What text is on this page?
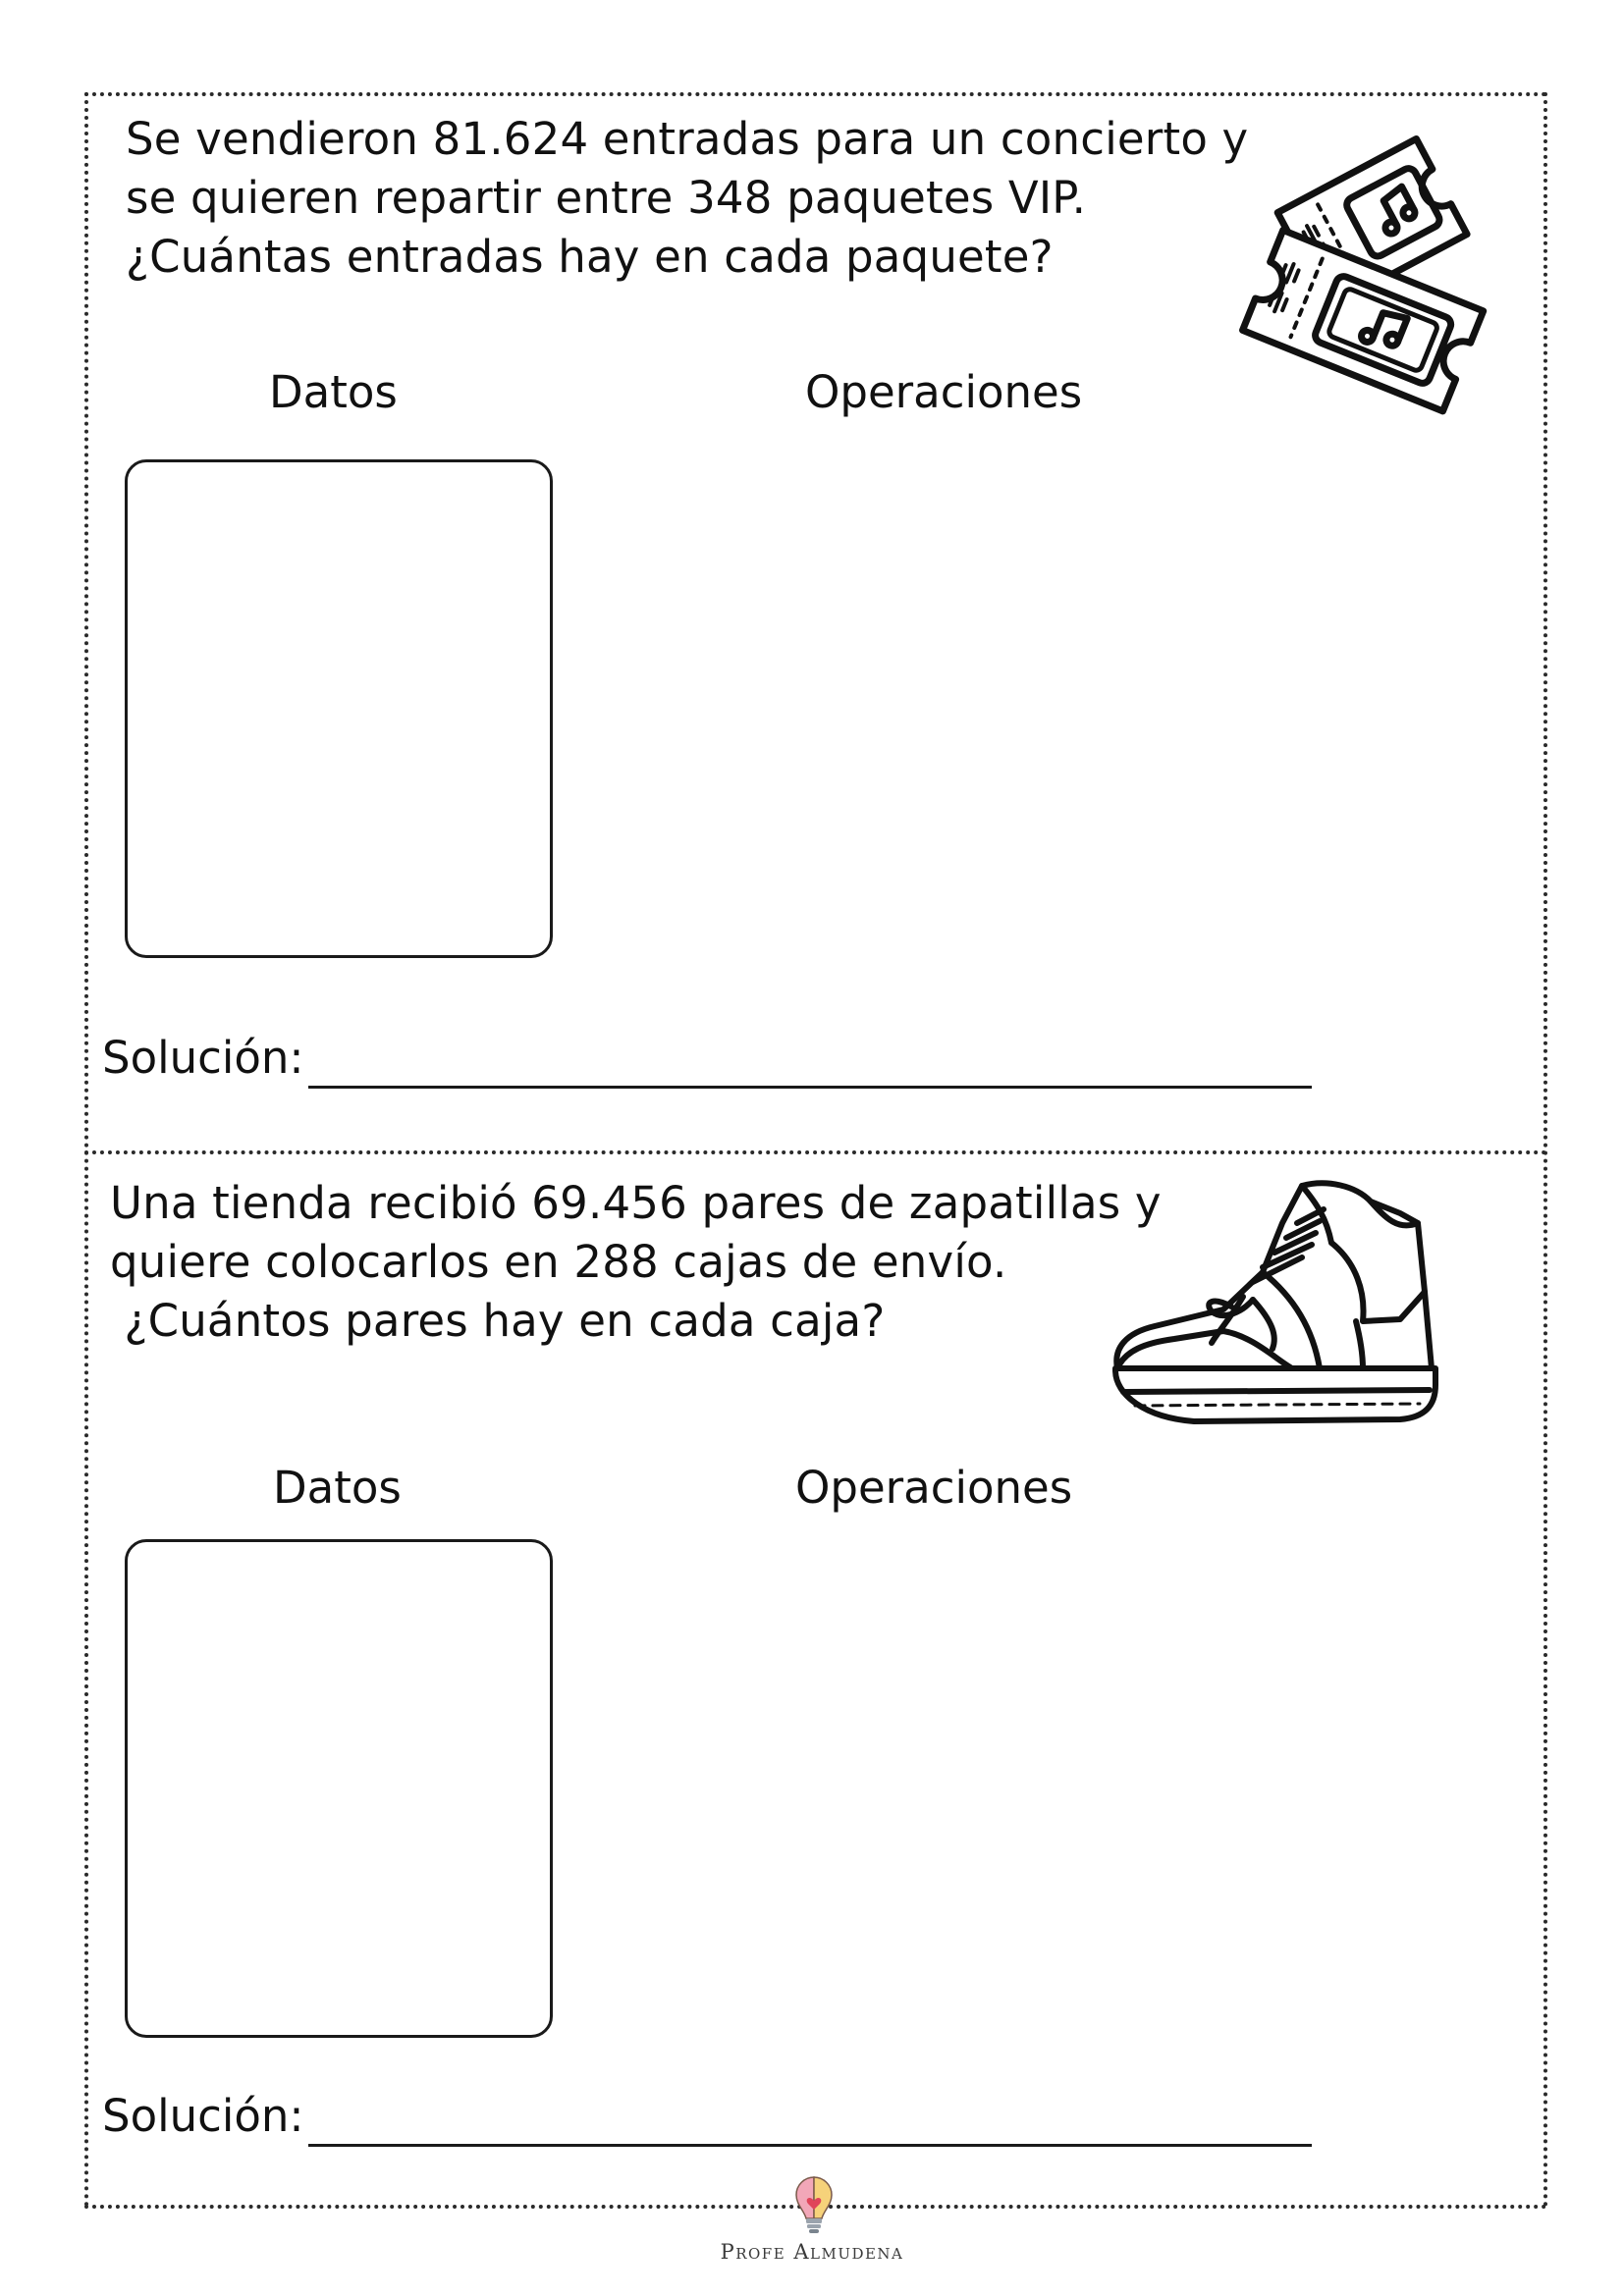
Se vendieron 81.624 entradas para un concierto y

se quieren repartir entre 348 paquetes VIP.

¿Cuántas entradas hay en cada paquete?

Datos	Operaciones

Solución:

Una tienda recibió 69.456 pares de zapatillas y

quiere colocarlos en 288 cajas de envío.

¿Cuántos pares hay en cada caja?

Datos	Operaciones

Solución:

Profe Almudena
